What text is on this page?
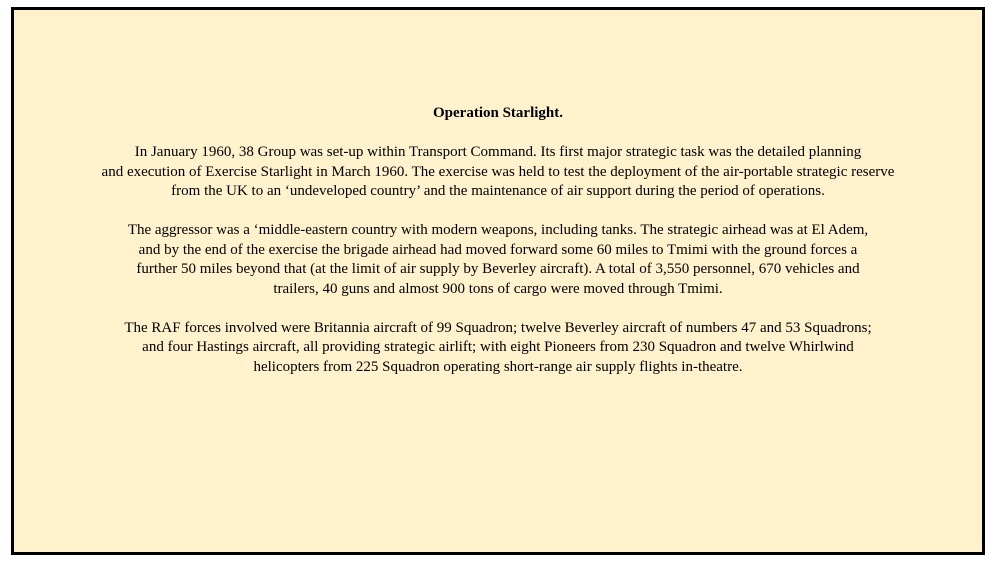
Operation Starlight.
In January 1960, 38 Group was set-up within Transport Command. Its first major strategic task was the detailed planning
and execution of Exercise Starlight in March 1960. The exercise was held to test the deployment of the air-portable strategic reserve
from the UK to an ‘undeveloped country’ and the maintenance of air support during the period of operations.
The aggressor was a ‘middle-eastern country with modern weapons, including tanks. The strategic airhead was at El Adem,
and by the end of the exercise the brigade airhead had moved forward some 60 miles to Tmimi with the ground forces a
further 50 miles beyond that (at the limit of air supply by Beverley aircraft). A total of 3,550 personnel, 670 vehicles and
trailers, 40 guns and almost 900 tons of cargo were moved through Tmimi.
The RAF forces involved were Britannia aircraft of 99 Squadron; twelve Beverley aircraft of numbers 47 and 53 Squadrons;
and four Hastings aircraft, all providing strategic airlift; with eight Pioneers from 230 Squadron and twelve Whirlwind
helicopters from 225 Squadron operating short-range air supply flights in-theatre.
